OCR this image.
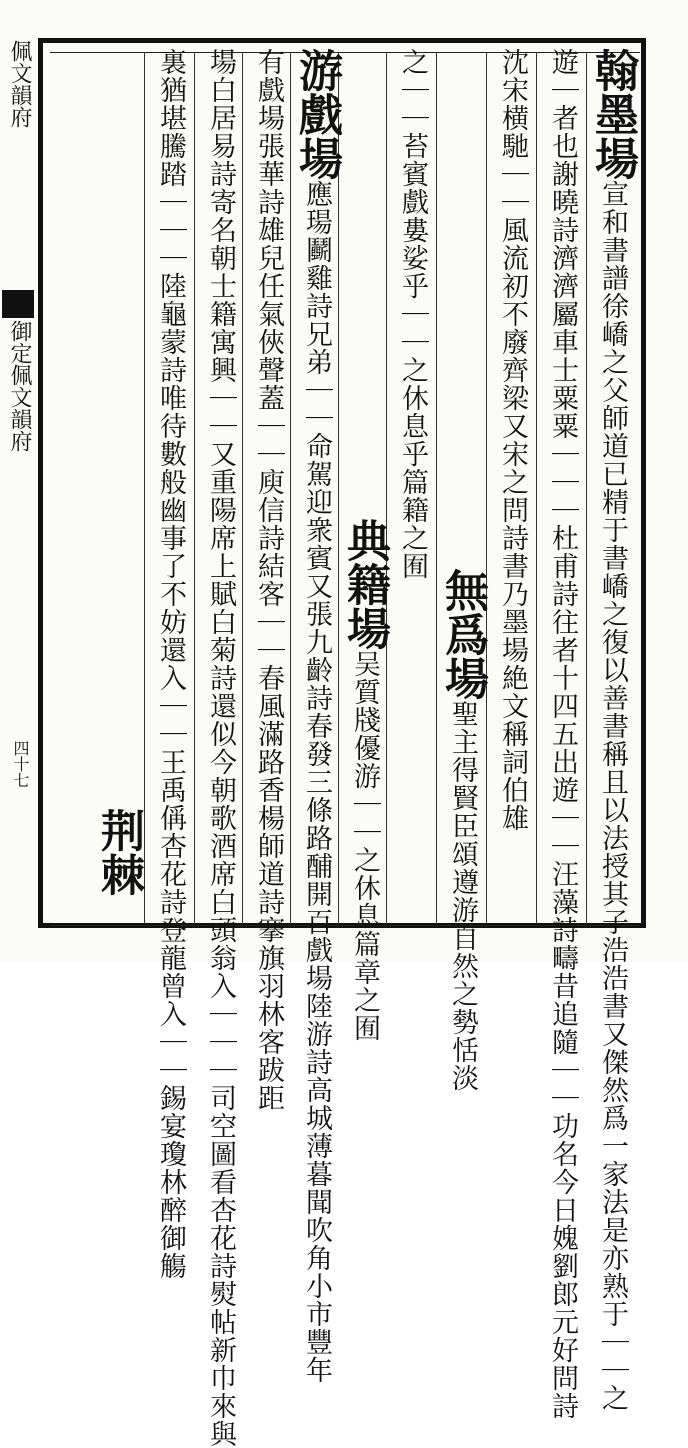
佩文韻府
御定佩文韻府
四十七
翰墨場宣和書譜徐嶠之父師道已精于書嶠之復以善書稱且以法授其子浩浩書又傑然爲一家法是亦熟于｜｜之
遊｜者也謝曉詩濟濟屬車士粟粟｜｜｜杜甫詩往者十四五出遊｜｜汪藻詩疇昔追隨｜｜功名今日媿劉郎元好問詩
沈宋横馳｜｜風流初不廢齊梁又宋之問詩書乃墨場絶文稱詞伯雄
無爲場聖主得賢臣頌遵游自然之勢恬淡
之｜｜苔賓戲婁娑乎｜｜之休息乎篇籍之囿
典籍場吴質牋優游｜｜之休息篇章之囿
游戲場應瑒鬬雞詩兄弟｜｜命駕迎衆賓又張九齡詩春發三條路酺開百戲場陸游詩高城薄暮聞吹角小市豐年
有戲場張華詩雄兒任氣俠聲蓋｜｜庾信詩結客｜｜春風滿路香楊師道詩搴旗羽林客跋距
場白居易詩寄名朝士籍寓興｜｜又重陽席上賦白菊詩還似今朝歌酒席白頭翁入｜｜｜司空圖看杏花詩熨帖新巾來與
裏猶堪騰踏｜｜｜陸龜蒙詩唯待數般幽事了不妨還入｜｜王禹偁杏花詩登龍曾入｜｜錫宴瓊林醉御觴
荆棘
